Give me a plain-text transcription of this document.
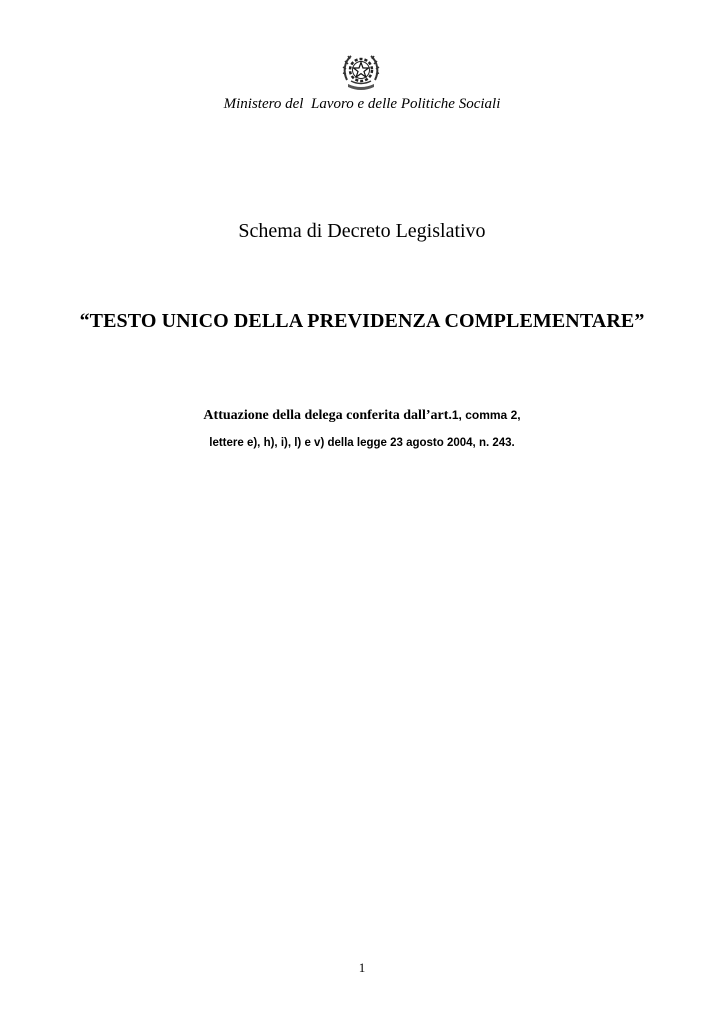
Ministero del  Lavoro e delle Politiche Sociali
Schema di Decreto Legislativo
“TESTO UNICO DELLA PREVIDENZA COMPLEMENTARE”
Attuazione della delega conferita dall’art.1, comma 2,
lettere e), h), i), l) e v) della legge 23 agosto 2004, n. 243.
1
